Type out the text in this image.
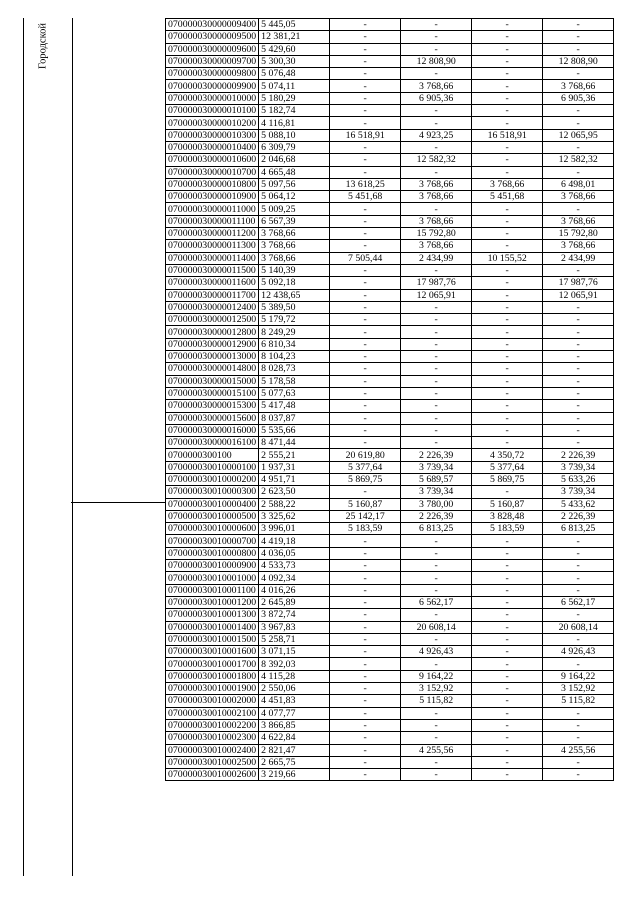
Городской	070000030000009400	5 445,05	-	-	-	-
070000030000009500	12 381,21	-	-	-	-
070000030000009600	5 429,60	-	-	-	-
070000030000009700	5 300,30	-	12 808,90	-	12 808,90
070000030000009800	5 076,48	-	-	-	-
070000030000009900	5 074,11	-	3 768,66	-	3 768,66
070000030000010000	5 180,29	-	6 905,36	-	6 905,36
070000030000010100	5 182,74	-	-	-	-
070000030000010200	4 116,81	-	-	-	-
070000030000010300	5 088,10	16 518,91	4 923,25	16 518,91	12 065,95
070000030000010400	6 309,79	-	-	-	-
070000030000010600	2 046,68	-	12 582,32	-	12 582,32
070000030000010700	4 665,48	-	-	-	-
070000030000010800	5 097,56	13 618,25	3 768,66	3 768,66	6 498,01
070000030000010900	5 064,12	5 451,68	3 768,66	5 451,68	3 768,66
070000030000011000	5 009,25	-	-	-	-
070000030000011100	6 567,39	-	3 768,66	-	3 768,66
070000030000011200	3 768,66	-	15 792,80	-	15 792,80
070000030000011300	3 768,66	-	3 768,66	-	3 768,66
070000030000011400	3 768,66	7 505,44	2 434,99	10 155,52	2 434,99
070000030000011500	5 140,39	-	-	-	-
070000030000011600	5 092,18	-	17 987,76	-	17 987,76
070000030000011700	12 438,65	-	12 065,91	-	12 065,91
070000030000012400	5 389,50	-	-	-	-
070000030000012500	5 179,72	-	-	-	-
070000030000012800	8 249,29	-	-	-	-
070000030000012900	6 810,34	-	-	-	-
070000030000013000	8 104,23	-	-	-	-
070000030000014800	8 028,73	-	-	-	-
070000030000015000	5 178,58	-	-	-	-
070000030000015100	5 077,63	-	-	-	-
070000030000015300	5 417,48	-	-	-	-
070000030000015600	8 037,87	-	-	-	-
070000030000016000	5 535,66	-	-	-	-
070000030000016100	8 471,44	-	-	-	-
0700000300100	2 555,21	20 619,80	2 226,39	4 350,72	2 226,39
070000030010000100	1 937,31	5 377,64	3 739,34	5 377,64	3 739,34
070000030010000200	4 951,71	5 869,75	5 689,57	5 869,75	5 633,26
070000030010000300	2 623,50	-	3 739,34	-	3 739,34
070000030010000400	2 588,22	5 160,87	3 780,00	5 160,87	5 433,62
070000030010000500	3 325,62	25 142,17	2 226,39	3 828,48	2 226,39
070000030010000600	3 996,01	5 183,59	6 813,25	5 183,59	6 813,25
070000030010000700	4 419,18	-	-	-	-
070000030010000800	4 036,05	-	-	-	-
070000030010000900	4 533,73	-	-	-	-
070000030010001000	4 092,34	-	-	-	-
070000030010001100	4 016,26	-	-	-	-
070000030010001200	2 645,89	-	6 562,17	-	6 562,17
070000030010001300	3 872,74	-	-	-	-
070000030010001400	3 967,83	-	20 608,14	-	20 608,14
070000030010001500	5 258,71	-	-	-	-
070000030010001600	3 071,15	-	4 926,43	-	4 926,43
070000030010001700	8 392,03	-	-	-	-
070000030010001800	4 115,28	-	9 164,22	-	9 164,22
070000030010001900	2 550,06	-	3 152,92	-	3 152,92
070000030010002000	4 451,83	-	5 115,82	-	5 115,82
070000030010002100	4 077,77	-	-	-	-
070000030010002200	3 866,85	-	-	-	-
070000030010002300	4 622,84	-	-	-	-
070000030010002400	2 821,47	-	4 255,56	-	4 255,56
070000030010002500	2 665,75	-	-	-	-
070000030010002600	3 219,66	-	-	-	-
